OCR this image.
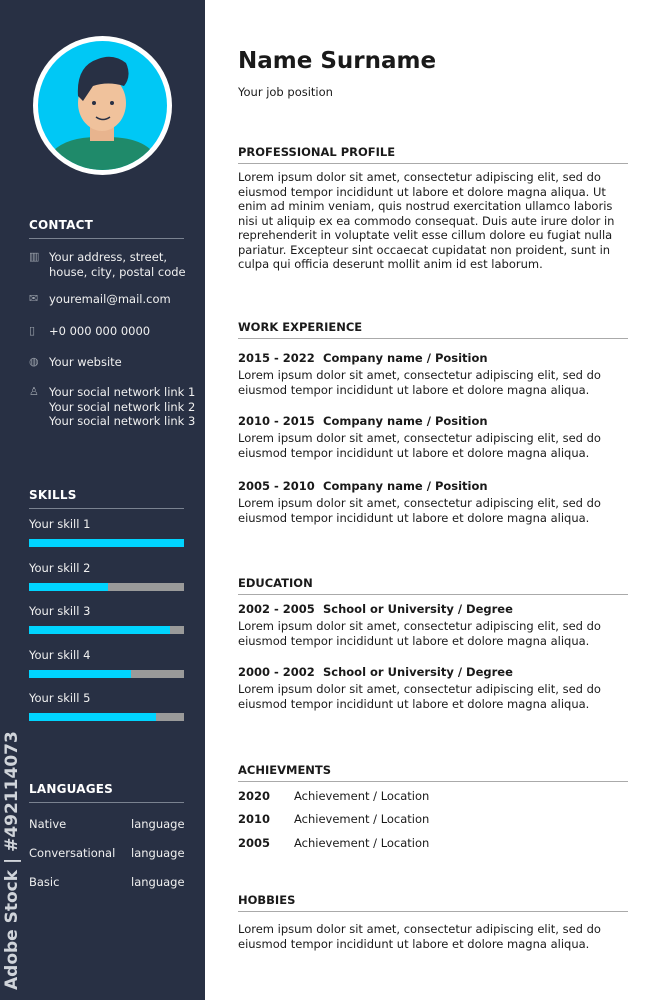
CONTACT
▥ Your address, street,
house, city, postal code
✉ youremail@mail.com
▯	+0 000 000 0000
◍ Your website
♙ Your social network link 1
Your social network link 2
Your social network link 3
SKILLS
Your skill 1
Your skill 2
Your skill 3
Your skill 4
Your skill 5
LANGUAGES
Native	language
Conversational language
Basic	language
Adobe Stock | #492114073
Name Surname
Your job position
PROFESSIONAL PROFILE
Lorem ipsum dolor sit amet, consectetur adipiscing elit, sed do eiusmod tempor incididunt ut labore et dolore magna aliqua. Ut enim ad minim veniam, quis nostrud exercitation ullamco laboris nisi ut aliquip ex ea commodo consequat. Duis aute irure dolor in reprehenderit in voluptate velit esse cillum dolore eu fugiat nulla pariatur. Excepteur sint occaecat cupidatat non proident, sunt in culpa qui officia deserunt mollit anim id est laborum.
WORK EXPERIENCE
2015 - 2022 Company name / Position
Lorem ipsum dolor sit amet, consectetur adipiscing elit, sed do eiusmod tempor incididunt ut labore et dolore magna aliqua.
2010 - 2015 Company name / Position
Lorem ipsum dolor sit amet, consectetur adipiscing elit, sed do eiusmod tempor incididunt ut labore et dolore magna aliqua.
2005 - 2010 Company name / Position
Lorem ipsum dolor sit amet, consectetur adipiscing elit, sed do eiusmod tempor incididunt ut labore et dolore magna aliqua.
EDUCATION
2002 - 2005 School or University / Degree
Lorem ipsum dolor sit amet, consectetur adipiscing elit, sed do eiusmod tempor incididunt ut labore et dolore magna aliqua.
2000 - 2002 School or University / Degree
Lorem ipsum dolor sit amet, consectetur adipiscing elit, sed do eiusmod tempor incididunt ut labore et dolore magna aliqua.
ACHIEVMENTS
2020 Achievement / Location
2010 Achievement / Location
2005 Achievement / Location
HOBBIES
Lorem ipsum dolor sit amet, consectetur adipiscing elit, sed do eiusmod tempor incididunt ut labore et dolore magna aliqua.
